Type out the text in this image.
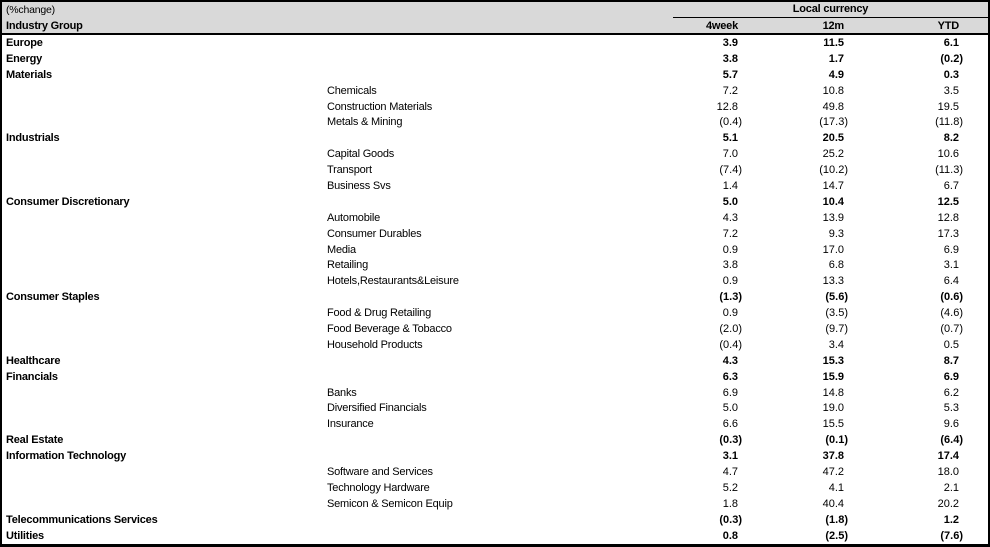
(%change)	Local currency
Industry Group	4week	12m	YTD
Europe	3.9	11.5	6.1
Energy	3.8	1.7	(0.2)
Materials	5.7	4.9	0.3
Chemicals	7.2	10.8	3.5
Construction Materials	12.8	49.8	19.5
Metals & Mining	(0.4)	(17.3)	(11.8)
Industrials	5.1	20.5	8.2
Capital Goods	7.0	25.2	10.6
Transport	(7.4)	(10.2)	(11.3)
Business Svs	1.4	14.7	6.7
Consumer Discretionary	5.0	10.4	12.5
Automobile	4.3	13.9	12.8
Consumer Durables	7.2	9.3	17.3
Media	0.9	17.0	6.9
Retailing	3.8	6.8	3.1
Hotels,Restaurants&Leisure	0.9	13.3	6.4
Consumer Staples	(1.3)	(5.6)	(0.6)
Food & Drug Retailing	0.9	(3.5)	(4.6)
Food Beverage & Tobacco	(2.0)	(9.7)	(0.7)
Household Products	(0.4)	3.4	0.5
Healthcare	4.3	15.3	8.7
Financials	6.3	15.9	6.9
Banks	6.9	14.8	6.2
Diversified Financials	5.0	19.0	5.3
Insurance	6.6	15.5	9.6
Real Estate	(0.3)	(0.1)	(6.4)
Information Technology	3.1	37.8	17.4
Software and Services	4.7	47.2	18.0
Technology Hardware	5.2	4.1	2.1
Semicon & Semicon Equip	1.8	40.4	20.2
Telecommunications Services	(0.3)	(1.8)	1.2
Utilities	0.8	(2.5)	(7.6)
